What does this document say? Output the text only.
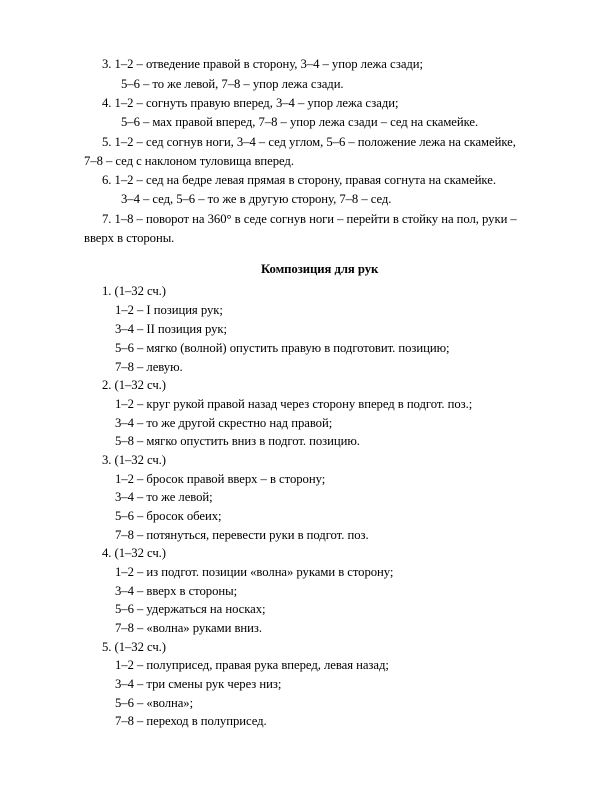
3. 1–2 – отведение правой в сторону, 3–4 – упор лежа сзади;
5–6 – то же левой, 7–8 – упор лежа сзади.
4. 1–2 – согнуть правую вперед, 3–4 – упор лежа сзади;
5–6 – мах правой вперед, 7–8 – упор лежа сзади – сед на скамейке.
5. 1–2 – сед согнув ноги, 3–4 – сед углом, 5–6 – положение лежа на скамейке,
7–8 – сед с наклоном туловища вперед.
6. 1–2 – сед на бедре левая прямая в сторону, правая согнута на скамейке.
3–4 – сед, 5–6 – то же в другую сторону, 7–8 – сед.
7. 1–8 – поворот на 360° в седе согнув ноги – перейти в стойку на пол, руки –
вверх в стороны.
Композиция для рук
1. (1–32 сч.)
1–2 – I позиция рук;
3–4 – II позиция рук;
5–6 – мягко (волной) опустить правую в подготовит. позицию;
7–8 – левую.
2. (1–32 сч.)
1–2 – круг рукой правой назад через сторону вперед в подгот. поз.;
3–4 – то же другой скрестно над правой;
5–8 – мягко опустить вниз в подгот. позицию.
3. (1–32 сч.)
1–2 – бросок правой вверх – в сторону;
3–4 – то же левой;
5–6 – бросок обеих;
7–8 – потянуться, перевести руки в подгот. поз.
4. (1–32 сч.)
1–2 – из подгот. позиции «волна» руками в сторону;
3–4 – вверх в стороны;
5–6 – удержаться на носках;
7–8 – «волна» руками вниз.
5. (1–32 сч.)
1–2 – полуприсед, правая рука вперед, левая назад;
3–4 – три смены рук через низ;
5–6 – «волна»;
7–8 – переход в полуприсед.
